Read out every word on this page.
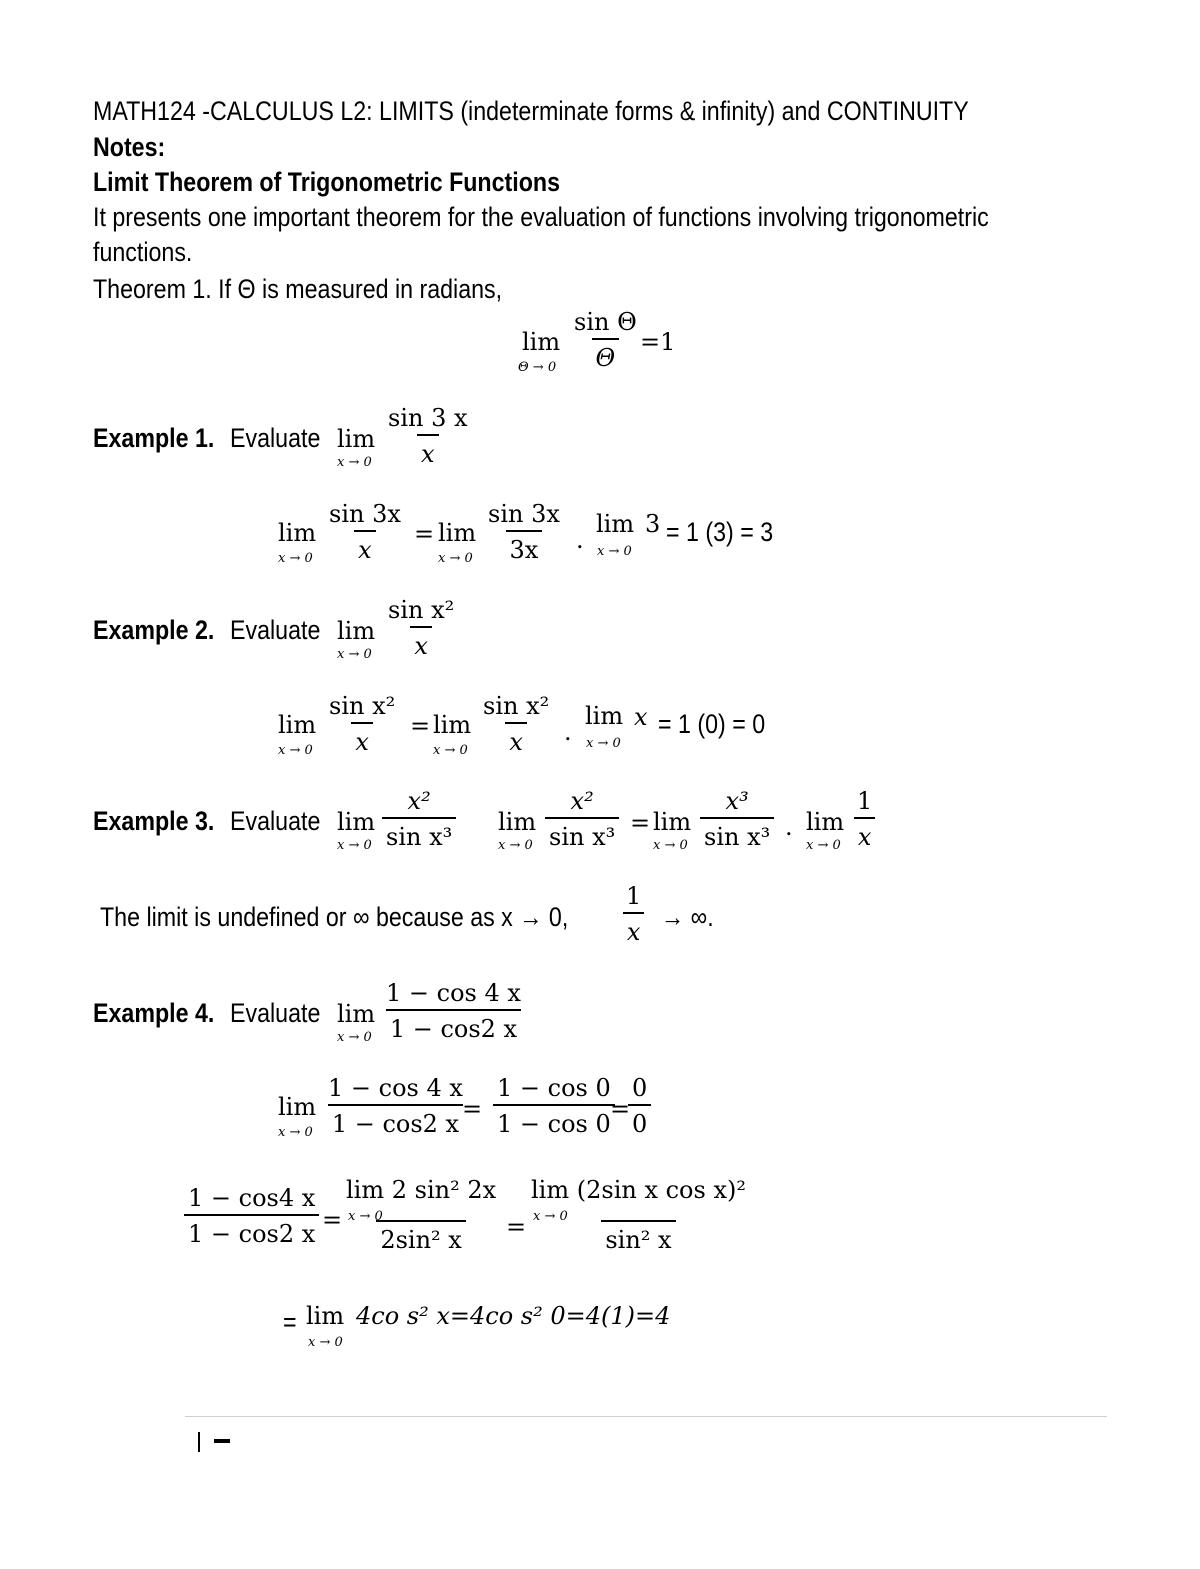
MATH124 -CALCULUS L2: LIMITS (indeterminate forms & infinity) and CONTINUITY
Notes:
Limit Theorem of Trigonometric Functions
It presents one important theorem for the evaluation of functions involving trigonometric
functions.
Theorem 1. If Θ is measured in radians,
lim
$\Theta \to 0 \frac{\text{sin Θ}}{\Theta} =1$
Example 1. Evaluate lim
$x \to 0 \frac{\sin 3 x}{x}$
lim
$x \to 0 \frac{\sin 3x}{x} = \lim$
$x \to 0 \frac{\sin 3x}{3x}$ .
lim
x → 0
3 = 1 (3) = 3
Example 2. Evaluate lim
$x \to 0 \frac{\text{sin x²}}{x}$
lim
$x \to 0 \frac{\text{sin x²}}{x} = \lim$
$x \to 0 \frac{\text{sin x²}}{x}$ .
lim
x → 0
x = 1 (0) = 0
Example 3. Evaluate lim
$x \to 0 \frac{\text{x²}}{\text{sin x³}}$ lim
$x \to 0 \frac{\text{x²}}{\text{sin x³}} = \lim$
$x \to 0 \frac{\text{x³}}{\text{sin x³}}$ . lim
$x \to 0 \frac{1}{x}$
The limit is undefined or ∞ because as x → 0, $\frac{1}{x}$ → ∞.
Example 4. Evaluate lim
$x \to 0 \frac{1 - \cos 4 x}{1 - \cos 2 x}$
lim
$x \to 0 \frac{1 - \cos 4 x}{1 - \cos 2 x}$
= $\frac{1 - \cos 0}{1 - \cos 0}$
=
$\frac{0}{0}$
$\frac{1 - \cos 4 x}{1 - \cos 2 x} = \frac{\text{lim 2 sin² 2x}}{\text{2sin² x}}$
x → 0	= $\frac{\text{lim (2sin x cos x)²}}{\text{sin² x}}$
x → 0
= lim
x → 0
4co s² x=4co s² 0=4(1)=4
